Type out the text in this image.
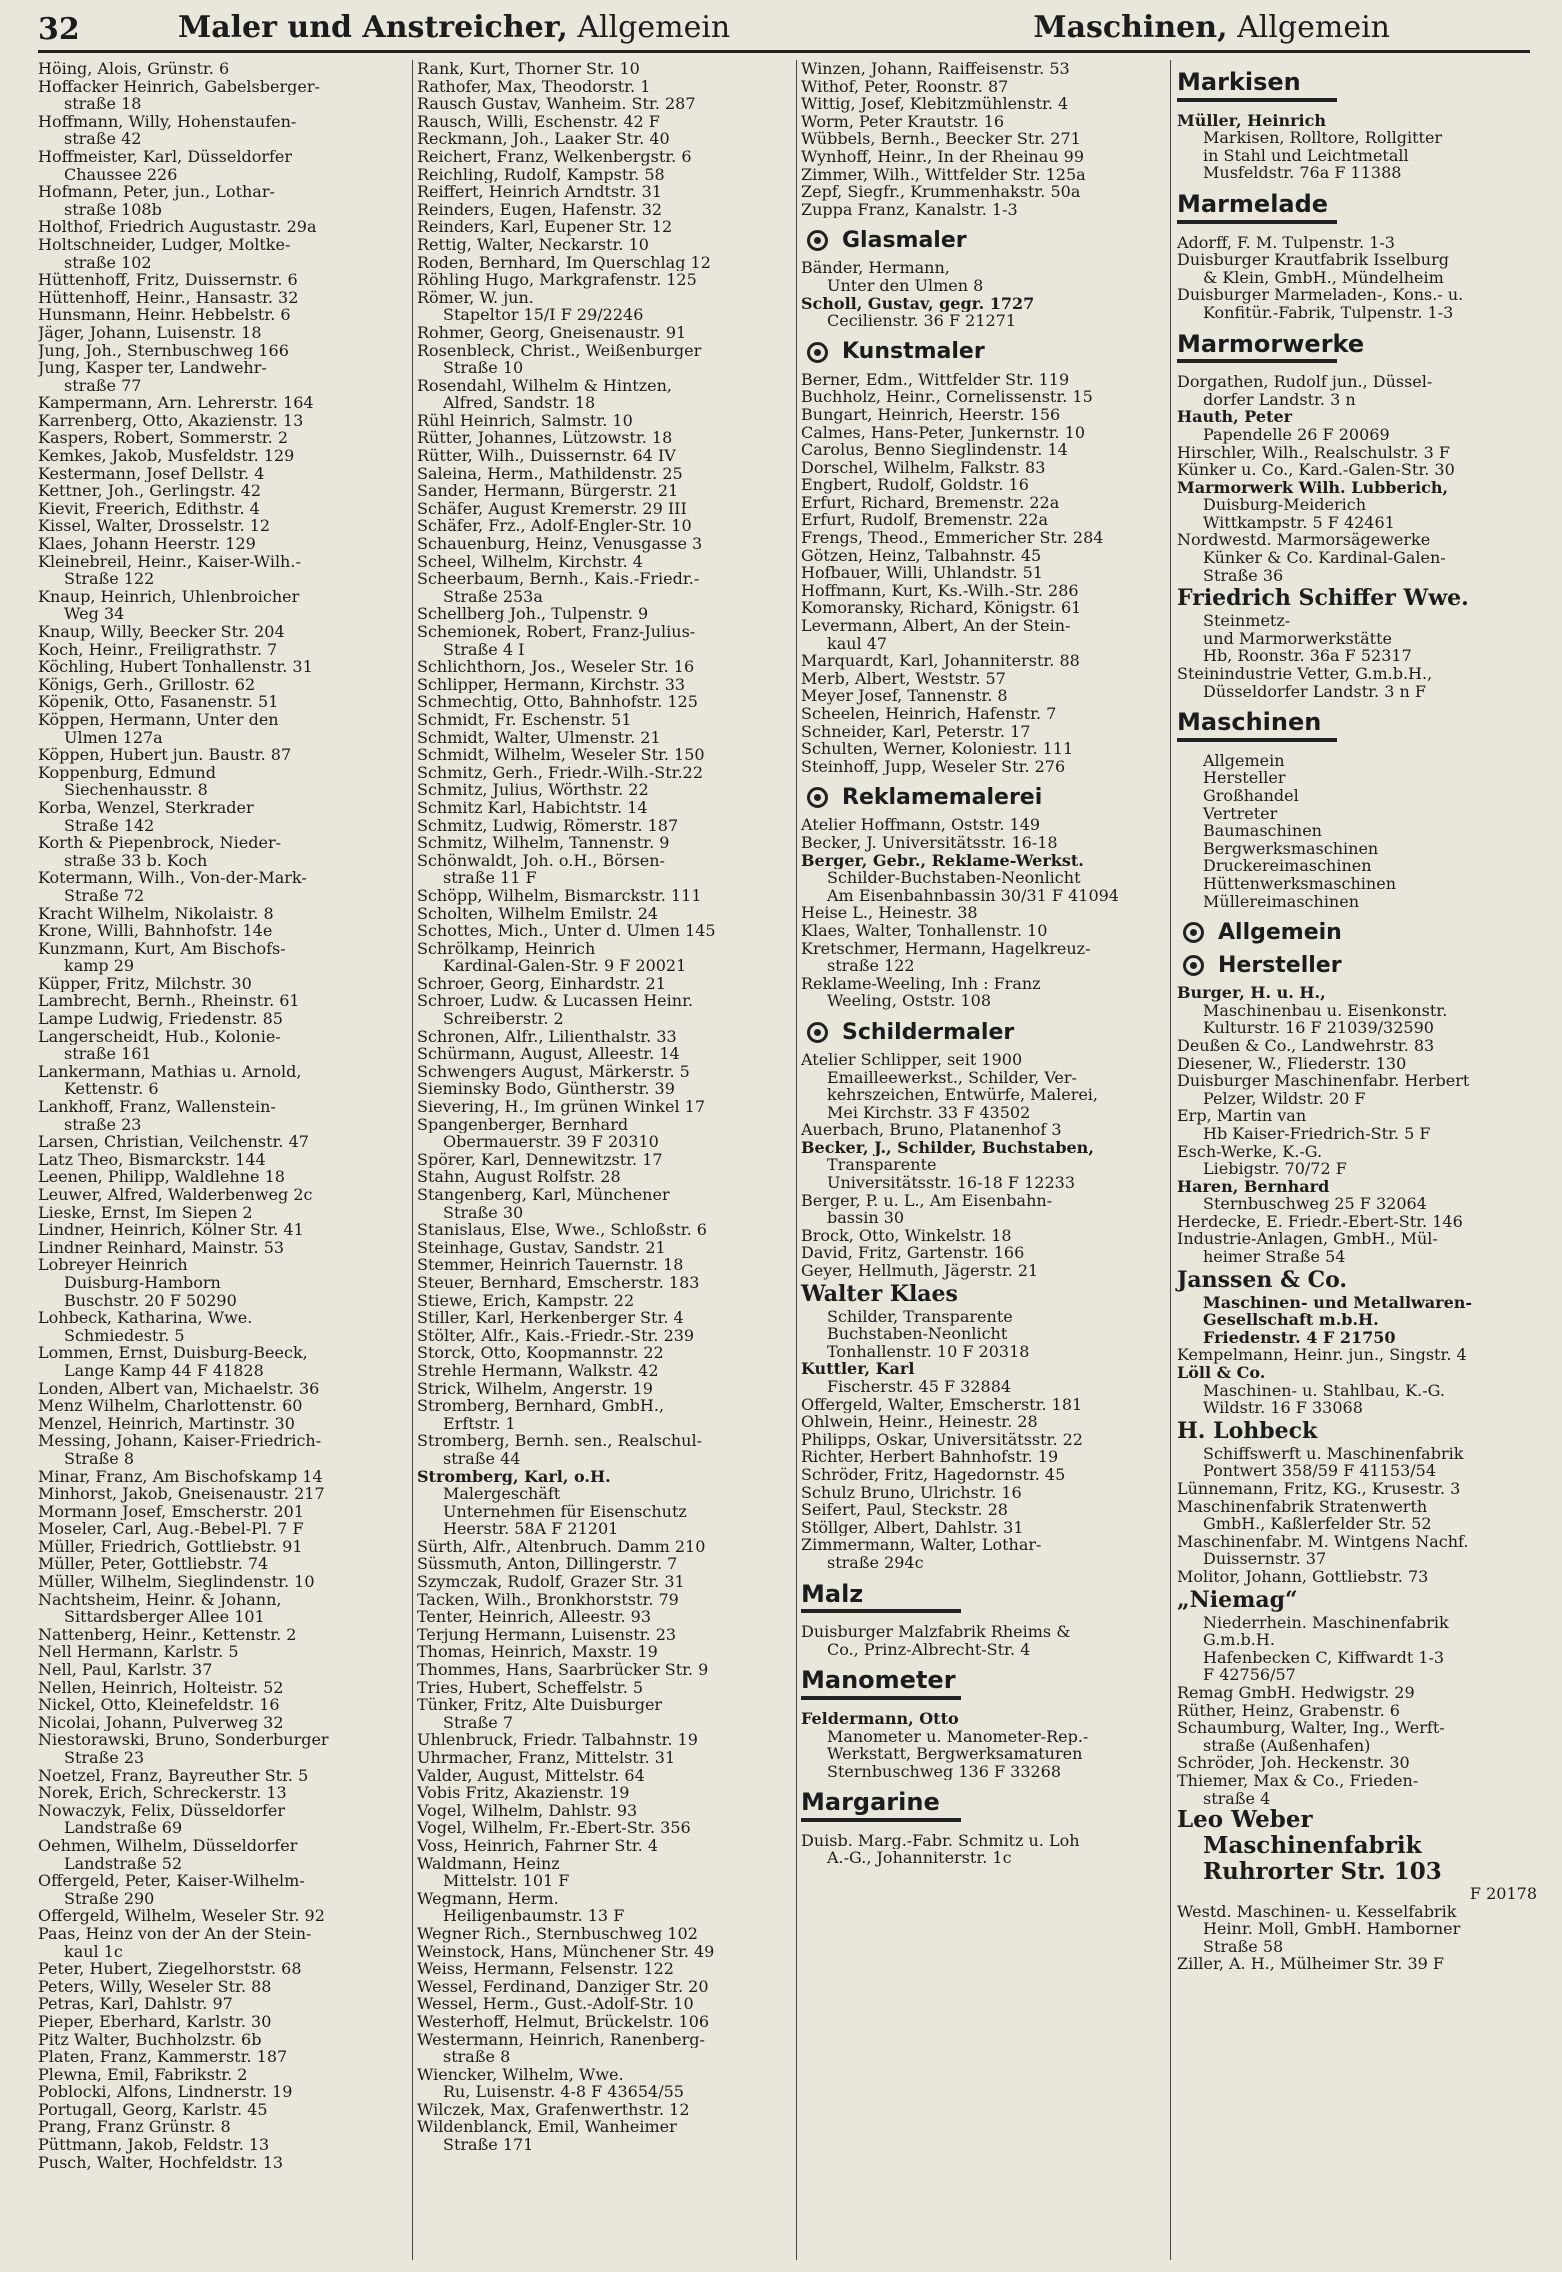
32	Maler und Anstreicher, Allgemein	Maschinen, Allgemein
Höing, Alois, Grünstr. 6
Hoffacker Heinrich, Gabelsberger-
straße 18
Hoffmann, Willy, Hohenstaufen-
straße 42
Hoffmeister, Karl, Düsseldorfer
Chaussee 226
Hofmann, Peter, jun., Lothar-
straße 108b
Holthof, Friedrich Augustastr. 29a
Holtschneider, Ludger, Moltke-
straße 102
Hüttenhoff, Fritz, Duissernstr. 6
Hüttenhoff, Heinr., Hansastr. 32
Hunsmann, Heinr. Hebbelstr. 6
Jäger, Johann, Luisenstr. 18
Jung, Joh., Sternbuschweg 166
Jung, Kasper ter, Landwehr-
straße 77
Kampermann, Arn. Lehrerstr. 164
Karrenberg, Otto, Akazienstr. 13
Kaspers, Robert, Sommerstr. 2
Kemkes, Jakob, Musfeldstr. 129
Kestermann, Josef Dellstr. 4
Kettner, Joh., Gerlingstr. 42
Kievit, Freerich, Edithstr. 4
Kissel, Walter, Drosselstr. 12
Klaes, Johann Heerstr. 129
Kleinebreil, Heinr., Kaiser-Wilh.-
Straße 122
Knaup, Heinrich, Uhlenbroicher
Weg 34
Knaup, Willy, Beecker Str. 204
Koch, Heinr., Freiligrathstr. 7
Köchling, Hubert Tonhallenstr. 31
Königs, Gerh., Grillostr. 62
Köpenik, Otto, Fasanenstr. 51
Köppen, Hermann, Unter den
Ulmen 127a
Köppen, Hubert jun. Baustr. 87
Koppenburg, Edmund
Siechenhausstr. 8
Korba, Wenzel, Sterkrader
Straße 142
Korth & Piepenbrock, Nieder-
straße 33 b. Koch
Kotermann, Wilh., Von-der-Mark-
Straße 72
Kracht Wilhelm, Nikolaistr. 8
Krone, Willi, Bahnhofstr. 14e
Kunzmann, Kurt, Am Bischofs-
kamp 29
Küpper, Fritz, Milchstr. 30
Lambrecht, Bernh., Rheinstr. 61
Lampe Ludwig, Friedenstr. 85
Langerscheidt, Hub., Kolonie-
straße 161
Lankermann, Mathias u. Arnold,
Kettenstr. 6
Lankhoff, Franz, Wallenstein-
straße 23
Larsen, Christian, Veilchenstr. 47
Latz Theo, Bismarckstr. 144
Leenen, Philipp, Waldlehne 18
Leuwer, Alfred, Walderbenweg 2c
Lieske, Ernst, Im Siepen 2
Lindner, Heinrich, Kölner Str. 41
Lindner Reinhard, Mainstr. 53
Lobreyer Heinrich
Duisburg-Hamborn
Buschstr. 20 F 50290
Lohbeck, Katharina, Wwe.
Schmiedestr. 5
Lommen, Ernst, Duisburg-Beeck,
Lange Kamp 44 F 41828
Londen, Albert van, Michaelstr. 36
Menz Wilhelm, Charlottenstr. 60
Menzel, Heinrich, Martinstr. 30
Messing, Johann, Kaiser-Friedrich-
Straße 8
Minar, Franz, Am Bischofskamp 14
Minhorst, Jakob, Gneisenaustr. 217
Mormann Josef, Emscherstr. 201
Moseler, Carl, Aug.-Bebel-Pl. 7 F
Müller, Friedrich, Gottliebstr. 91
Müller, Peter, Gottliebstr. 74
Müller, Wilhelm, Sieglindenstr. 10
Nachtsheim, Heinr. & Johann,
Sittardsberger Allee 101
Nattenberg, Heinr., Kettenstr. 2
Nell Hermann, Karlstr. 5
Nell, Paul, Karlstr. 37
Nellen, Heinrich, Holteistr. 52
Nickel, Otto, Kleinefeldstr. 16
Nicolai, Johann, Pulverweg 32
Niestorawski, Bruno, Sonderburger
Straße 23
Noetzel, Franz, Bayreuther Str. 5
Norek, Erich, Schreckerstr. 13
Nowaczyk, Felix, Düsseldorfer
Landstraße 69
Oehmen, Wilhelm, Düsseldorfer
Landstraße 52
Offergeld, Peter, Kaiser-Wilhelm-
Straße 290
Offergeld, Wilhelm, Weseler Str. 92
Paas, Heinz von der An der Stein-
kaul 1c
Peter, Hubert, Ziegelhorststr. 68
Peters, Willy, Weseler Str. 88
Petras, Karl, Dahlstr. 97
Pieper, Eberhard, Karlstr. 30
Pitz Walter, Buchholzstr. 6b
Platen, Franz, Kammerstr. 187
Plewna, Emil, Fabrikstr. 2
Poblocki, Alfons, Lindnerstr. 19
Portugall, Georg, Karlstr. 45
Prang, Franz Grünstr. 8
Püttmann, Jakob, Feldstr. 13
Pusch, Walter, Hochfeldstr. 13
Rank, Kurt, Thorner Str. 10
Rathofer, Max, Theodorstr. 1
Rausch Gustav, Wanheim. Str. 287
Rausch, Willi, Eschenstr. 42 F
Reckmann, Joh., Laaker Str. 40
Reichert, Franz, Welkenbergstr. 6
Reichling, Rudolf, Kampstr. 58
Reiffert, Heinrich Arndtstr. 31
Reinders, Eugen, Hafenstr. 32
Reinders, Karl, Eupener Str. 12
Rettig, Walter, Neckarstr. 10
Roden, Bernhard, Im Querschlag 12
Röhling Hugo, Markgrafenstr. 125
Römer, W. jun.
Stapeltor 15/I F 29/2246
Rohmer, Georg, Gneisenaustr. 91
Rosenbleck, Christ., Weißenburger
Straße 10
Rosendahl, Wilhelm & Hintzen,
Alfred, Sandstr. 18
Rühl Heinrich, Salmstr. 10
Rütter, Johannes, Lützowstr. 18
Rütter, Wilh., Duissernstr. 64 IV
Saleina, Herm., Mathildenstr. 25
Sander, Hermann, Bürgerstr. 21
Schäfer, August Kremerstr. 29 III
Schäfer, Frz., Adolf-Engler-Str. 10
Schauenburg, Heinz, Venusgasse 3
Scheel, Wilhelm, Kirchstr. 4
Scheerbaum, Bernh., Kais.-Friedr.-
Straße 253a
Schellberg Joh., Tulpenstr. 9
Schemionek, Robert, Franz-Julius-
Straße 4 I
Schlichthorn, Jos., Weseler Str. 16
Schlipper, Hermann, Kirchstr. 33
Schmechtig, Otto, Bahnhofstr. 125
Schmidt, Fr. Eschenstr. 51
Schmidt, Walter, Ulmenstr. 21
Schmidt, Wilhelm, Weseler Str. 150
Schmitz, Gerh., Friedr.-Wilh.-Str.22
Schmitz, Julius, Wörthstr. 22
Schmitz Karl, Habichtstr. 14
Schmitz, Ludwig, Römerstr. 187
Schmitz, Wilhelm, Tannenstr. 9
Schönwaldt, Joh. o.H., Börsen-
straße 11 F
Schöpp, Wilhelm, Bismarckstr. 111
Scholten, Wilhelm Emilstr. 24
Schottes, Mich., Unter d. Ulmen 145
Schrölkamp, Heinrich
Kardinal-Galen-Str. 9 F 20021
Schroer, Georg, Einhardstr. 21
Schroer, Ludw. & Lucassen Heinr.
Schreiberstr. 2
Schronen, Alfr., Lilienthalstr. 33
Schürmann, August, Alleestr. 14
Schwengers August, Märkerstr. 5
Sieminsky Bodo, Güntherstr. 39
Sievering, H., Im grünen Winkel 17
Spangenberger, Bernhard
Obermauerstr. 39 F 20310
Spörer, Karl, Dennewitzstr. 17
Stahn, August Rolfstr. 28
Stangenberg, Karl, Münchener
Straße 30
Stanislaus, Else, Wwe., Schloßstr. 6
Steinhage, Gustav, Sandstr. 21
Stemmer, Heinrich Tauernstr. 18
Steuer, Bernhard, Emscherstr. 183
Stiewe, Erich, Kampstr. 22
Stiller, Karl, Herkenberger Str. 4
Stölter, Alfr., Kais.-Friedr.-Str. 239
Storck, Otto, Koopmannstr. 22
Strehle Hermann, Walkstr. 42
Strick, Wilhelm, Angerstr. 19
Stromberg, Bernhard, GmbH.,
Erftstr. 1
Stromberg, Bernh. sen., Realschul-
straße 44
Stromberg, Karl, o.H.
Malergeschäft
Unternehmen für Eisenschutz
Heerstr. 58A F 21201
Sürth, Alfr., Altenbruch. Damm 210
Süssmuth, Anton, Dillingerstr. 7
Szymczak, Rudolf, Grazer Str. 31
Tacken, Wilh., Bronkhorststr. 79
Tenter, Heinrich, Alleestr. 93
Terjung Hermann, Luisenstr. 23
Thomas, Heinrich, Maxstr. 19
Thommes, Hans, Saarbrücker Str. 9
Tries, Hubert, Scheffelstr. 5
Tünker, Fritz, Alte Duisburger
Straße 7
Uhlenbruck, Friedr. Talbahnstr. 19
Uhrmacher, Franz, Mittelstr. 31
Valder, August, Mittelstr. 64
Vobis Fritz, Akazienstr. 19
Vogel, Wilhelm, Dahlstr. 93
Vogel, Wilhelm, Fr.-Ebert-Str. 356
Voss, Heinrich, Fahrner Str. 4
Waldmann, Heinz
Mittelstr. 101 F
Wegmann, Herm.
Heiligenbaumstr. 13 F
Wegner Rich., Sternbuschweg 102
Weinstock, Hans, Münchener Str. 49
Weiss, Hermann, Felsenstr. 122
Wessel, Ferdinand, Danziger Str. 20
Wessel, Herm., Gust.-Adolf-Str. 10
Westerhoff, Helmut, Brückelstr. 106
Westermann, Heinrich, Ranenberg-
straße 8
Wiencker, Wilhelm, Wwe.
Ru, Luisenstr. 4-8 F 43654/55
Wilczek, Max, Grafenwerthstr. 12
Wildenblanck, Emil, Wanheimer
Straße 171
Winzen, Johann, Raiffeisenstr. 53
Withof, Peter, Roonstr. 87
Wittig, Josef, Klebitzmühlenstr. 4
Worm, Peter Krautstr. 16
Wübbels, Bernh., Beecker Str. 271
Wynhoff, Heinr., In der Rheinau 99
Zimmer, Wilh., Wittfelder Str. 125a
Zepf, Siegfr., Krummenhakstr. 50a
Zuppa Franz, Kanalstr. 1-3
Glasmaler
Bänder, Hermann,
Unter den Ulmen 8
Scholl, Gustav, gegr. 1727
Cecilienstr. 36 F 21271
Kunstmaler
Berner, Edm., Wittfelder Str. 119
Buchholz, Heinr., Cornelissenstr. 15
Bungart, Heinrich, Heerstr. 156
Calmes, Hans-Peter, Junkernstr. 10
Carolus, Benno Sieglindenstr. 14
Dorschel, Wilhelm, Falkstr. 83
Engbert, Rudolf, Goldstr. 16
Erfurt, Richard, Bremenstr. 22a
Erfurt, Rudolf, Bremenstr. 22a
Frengs, Theod., Emmericher Str. 284
Götzen, Heinz, Talbahnstr. 45
Hofbauer, Willi, Uhlandstr. 51
Hoffmann, Kurt, Ks.-Wilh.-Str. 286
Komoransky, Richard, Königstr. 61
Levermann, Albert, An der Stein-
kaul 47
Marquardt, Karl, Johanniterstr. 88
Merb, Albert, Weststr. 57
Meyer Josef, Tannenstr. 8
Scheelen, Heinrich, Hafenstr. 7
Schneider, Karl, Peterstr. 17
Schulten, Werner, Koloniestr. 111
Steinhoff, Jupp, Weseler Str. 276
Reklamemalerei
Atelier Hoffmann, Oststr. 149
Becker, J. Universitätsstr. 16-18
Berger, Gebr., Reklame-Werkst.
Schilder-Buchstaben-Neonlicht
Am Eisenbahnbassin 30/31 F 41094
Heise L., Heinestr. 38
Klaes, Walter, Tonhallenstr. 10
Kretschmer, Hermann, Hagelkreuz-
straße 122
Reklame-Weeling, Inh : Franz
Weeling, Oststr. 108
Schildermaler
Atelier Schlipper, seit 1900
Emailleewerkst., Schilder, Ver-
kehrszeichen, Entwürfe, Malerei,
Mei Kirchstr. 33 F 43502
Auerbach, Bruno, Platanenhof 3
Becker, J., Schilder, Buchstaben,
Transparente
Universitätsstr. 16-18 F 12233
Berger, P. u. L., Am Eisenbahn-
bassin 30
Brock, Otto, Winkelstr. 18
David, Fritz, Gartenstr. 166
Geyer, Hellmuth, Jägerstr. 21
Walter Klaes
Schilder, Transparente
Buchstaben-Neonlicht
Tonhallenstr. 10 F 20318
Kuttler, Karl
Fischerstr. 45 F 32884
Offergeld, Walter, Emscherstr. 181
Ohlwein, Heinr., Heinestr. 28
Philipps, Oskar, Universitätsstr. 22
Richter, Herbert Bahnhofstr. 19
Schröder, Fritz, Hagedornstr. 45
Schulz Bruno, Ulrichstr. 16
Seifert, Paul, Steckstr. 28
Stöllger, Albert, Dahlstr. 31
Zimmermann, Walter, Lothar-
straße 294c
Malz
Duisburger Malzfabrik Rheims &
Co., Prinz-Albrecht-Str. 4
Manometer
Feldermann, Otto
Manometer u. Manometer-Rep.-
Werkstatt, Bergwerksamaturen
Sternbuschweg 136 F 33268
Margarine
Duisb. Marg.-Fabr. Schmitz u. Loh
A.-G., Johanniterstr. 1c
Markisen
Müller, Heinrich
Markisen, Rolltore, Rollgitter
in Stahl und Leichtmetall
Musfeldstr. 76a F 11388
Marmelade
Adorff, F. M. Tulpenstr. 1-3
Duisburger Krautfabrik Isselburg
& Klein, GmbH., Mündelheim
Duisburger Marmeladen-, Kons.- u.
Konfitür.-Fabrik, Tulpenstr. 1-3
Marmorwerke
Dorgathen, Rudolf jun., Düssel-
dorfer Landstr. 3 n
Hauth, Peter
Papendelle 26 F 20069
Hirschler, Wilh., Realschulstr. 3 F
Künker u. Co., Kard.-Galen-Str. 30
Marmorwerk Wilh. Lubberich,
Duisburg-Meiderich
Wittkampstr. 5 F 42461
Nordwestd. Marmorsägewerke
Künker & Co. Kardinal-Galen-
Straße 36
Friedrich Schiffer Wwe.
Steinmetz-
und Marmorwerkstätte
Hb, Roonstr. 36a F 52317
Steinindustrie Vetter, G.m.b.H.,
Düsseldorfer Landstr. 3 n F
Maschinen
Allgemein
Hersteller
Großhandel
Vertreter
Baumaschinen
Bergwerksmaschinen
Druckereimaschinen
Hüttenwerksmaschinen
Müllereimaschinen
Allgemein
Hersteller
Burger, H. u. H.,
Maschinenbau u. Eisenkonstr.
Kulturstr. 16 F 21039/32590
Deußen & Co., Landwehrstr. 83
Diesener, W., Fliederstr. 130
Duisburger Maschinenfabr. Herbert
Pelzer, Wildstr. 20 F
Erp, Martin van
Hb Kaiser-Friedrich-Str. 5 F
Esch-Werke, K.-G.
Liebigstr. 70/72 F
Haren, Bernhard
Sternbuschweg 25 F 32064
Herdecke, E. Friedr.-Ebert-Str. 146
Industrie-Anlagen, GmbH., Mül-
heimer Straße 54
Janssen & Co.
Maschinen- und Metallwaren-
Gesellschaft m.b.H.
Friedenstr. 4 F 21750
Kempelmann, Heinr. jun., Singstr. 4
Löll & Co.
Maschinen- u. Stahlbau, K.-G.
Wildstr. 16 F 33068
H. Lohbeck
Schiffswerft u. Maschinenfabrik
Pontwert 358/59 F 41153/54
Lünnemann, Fritz, KG., Krusestr. 3
Maschinenfabrik Stratenwerth
GmbH., Kaßlerfelder Str. 52
Maschinenfabr. M. Wintgens Nachf.
Duissernstr. 37
Molitor, Johann, Gottliebstr. 73
„Niemag“
Niederrhein. Maschinenfabrik
G.m.b.H.
Hafenbecken C, Kiffwardt 1-3
F 42756/57
Remag GmbH. Hedwigstr. 29
Rüther, Heinz, Grabenstr. 6
Schaumburg, Walter, Ing., Werft-
straße (Außenhafen)
Schröder, Joh. Heckenstr. 30
Thiemer, Max & Co., Frieden-
straße 4
Leo Weber
Maschinenfabrik
Ruhrorter Str. 103
F 20178
Westd. Maschinen- u. Kesselfabrik
Heinr. Moll, GmbH. Hamborner
Straße 58
Ziller, A. H., Mülheimer Str. 39 F
